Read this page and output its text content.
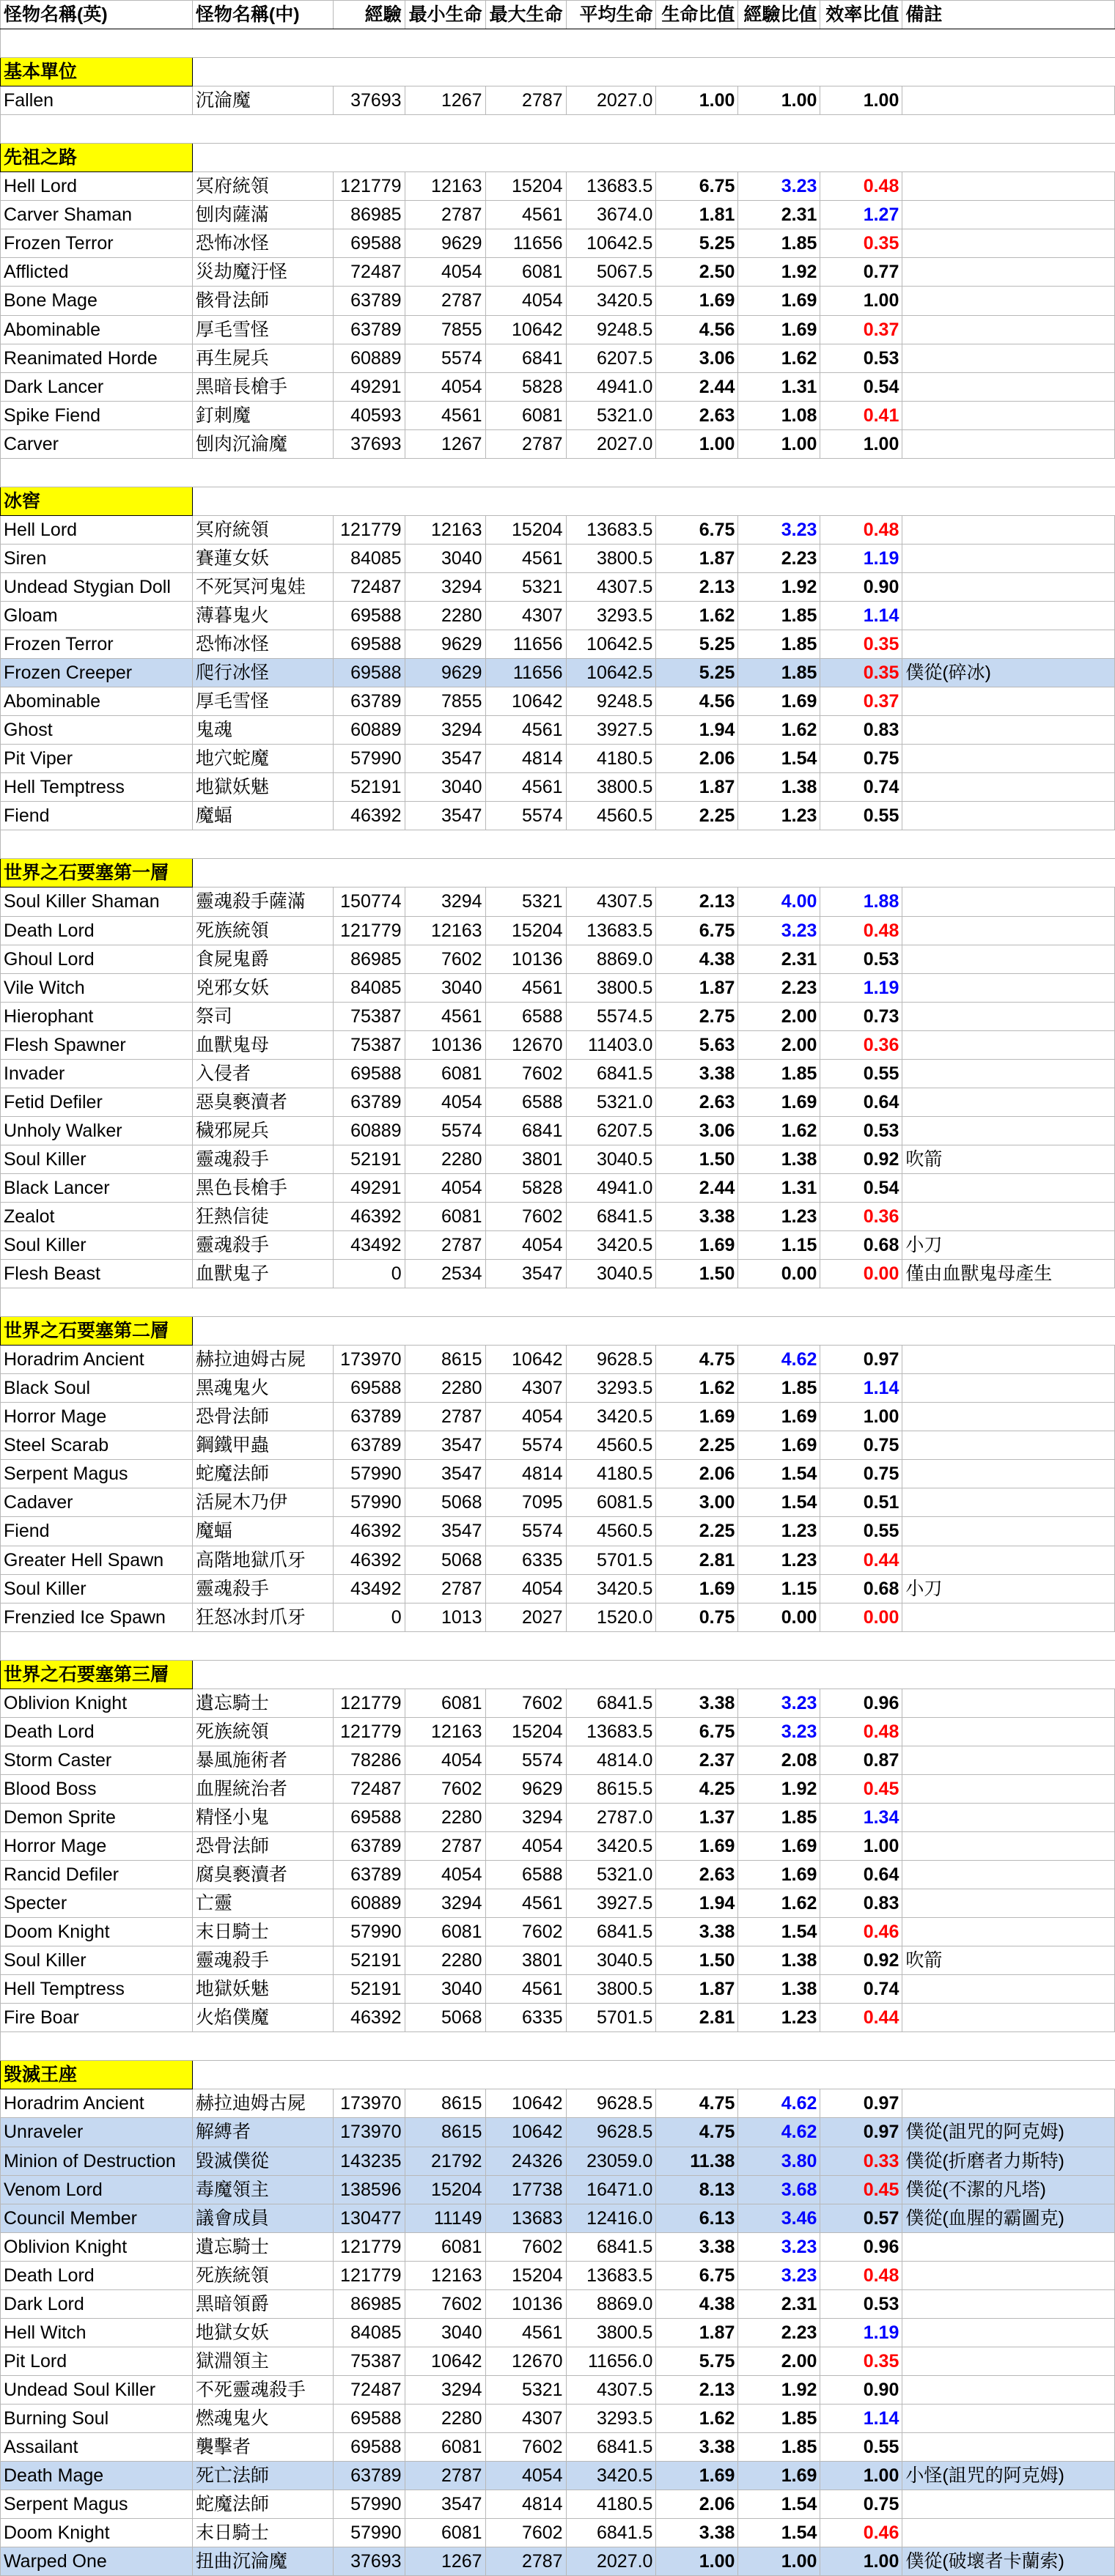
怪物名稱(英)	怪物名稱(中)	經驗	最小生命	最大生命	平均生命	生命比值	經驗比值	效率比值	備註

基本單位									
Fallen	沉淪魔	37693	1267	2787	2027.0	1.00	1.00	1.00	

先祖之路									
Hell Lord	冥府統領	121779	12163	15204	13683.5	6.75	3.23	0.48	
Carver Shaman	刨肉薩滿	86985	2787	4561	3674.0	1.81	2.31	1.27	
Frozen Terror	恐怖冰怪	69588	9629	11656	10642.5	5.25	1.85	0.35	
Afflicted	災劫魔汙怪	72487	4054	6081	5067.5	2.50	1.92	0.77	
Bone Mage	骸骨法師	63789	2787	4054	3420.5	1.69	1.69	1.00	
Abominable	厚毛雪怪	63789	7855	10642	9248.5	4.56	1.69	0.37	
Reanimated Horde	再生屍兵	60889	5574	6841	6207.5	3.06	1.62	0.53	
Dark Lancer	黑暗長槍手	49291	4054	5828	4941.0	2.44	1.31	0.54	
Spike Fiend	釘刺魔	40593	4561	6081	5321.0	2.63	1.08	0.41	
Carver	刨肉沉淪魔	37693	1267	2787	2027.0	1.00	1.00	1.00	

冰窖									
Hell Lord	冥府統領	121779	12163	15204	13683.5	6.75	3.23	0.48	
Siren	賽蓮女妖	84085	3040	4561	3800.5	1.87	2.23	1.19	
Undead Stygian Doll	不死冥河鬼娃	72487	3294	5321	4307.5	2.13	1.92	0.90	
Gloam	薄暮鬼火	69588	2280	4307	3293.5	1.62	1.85	1.14	
Frozen Terror	恐怖冰怪	69588	9629	11656	10642.5	5.25	1.85	0.35	
Frozen Creeper	爬行冰怪	69588	9629	11656	10642.5	5.25	1.85	0.35	僕從(碎冰)
Abominable	厚毛雪怪	63789	7855	10642	9248.5	4.56	1.69	0.37	
Ghost	鬼魂	60889	3294	4561	3927.5	1.94	1.62	0.83	
Pit Viper	地穴蛇魔	57990	3547	4814	4180.5	2.06	1.54	0.75	
Hell Temptress	地獄妖魅	52191	3040	4561	3800.5	1.87	1.38	0.74	
Fiend	魔蝠	46392	3547	5574	4560.5	2.25	1.23	0.55	

世界之石要塞第一層									
Soul Killer Shaman	靈魂殺手薩滿	150774	3294	5321	4307.5	2.13	4.00	1.88	
Death Lord	死族統領	121779	12163	15204	13683.5	6.75	3.23	0.48	
Ghoul Lord	食屍鬼爵	86985	7602	10136	8869.0	4.38	2.31	0.53	
Vile Witch	兇邪女妖	84085	3040	4561	3800.5	1.87	2.23	1.19	
Hierophant	祭司	75387	4561	6588	5574.5	2.75	2.00	0.73	
Flesh Spawner	血獸鬼母	75387	10136	12670	11403.0	5.63	2.00	0.36	
Invader	入侵者	69588	6081	7602	6841.5	3.38	1.85	0.55	
Fetid Defiler	惡臭褻瀆者	63789	4054	6588	5321.0	2.63	1.69	0.64	
Unholy Walker	穢邪屍兵	60889	5574	6841	6207.5	3.06	1.62	0.53	
Soul Killer	靈魂殺手	52191	2280	3801	3040.5	1.50	1.38	0.92	吹箭
Black Lancer	黑色長槍手	49291	4054	5828	4941.0	2.44	1.31	0.54	
Zealot	狂熱信徒	46392	6081	7602	6841.5	3.38	1.23	0.36	
Soul Killer	靈魂殺手	43492	2787	4054	3420.5	1.69	1.15	0.68	小刀
Flesh Beast	血獸鬼子	0	2534	3547	3040.5	1.50	0.00	0.00	僅由血獸鬼母產生

世界之石要塞第二層									
Horadrim Ancient	赫拉迪姆古屍	173970	8615	10642	9628.5	4.75	4.62	0.97	
Black Soul	黑魂鬼火	69588	2280	4307	3293.5	1.62	1.85	1.14	
Horror Mage	恐骨法師	63789	2787	4054	3420.5	1.69	1.69	1.00	
Steel Scarab	鋼鐵甲蟲	63789	3547	5574	4560.5	2.25	1.69	0.75	
Serpent Magus	蛇魔法師	57990	3547	4814	4180.5	2.06	1.54	0.75	
Cadaver	活屍木乃伊	57990	5068	7095	6081.5	3.00	1.54	0.51	
Fiend	魔蝠	46392	3547	5574	4560.5	2.25	1.23	0.55	
Greater Hell Spawn	高階地獄爪牙	46392	5068	6335	5701.5	2.81	1.23	0.44	
Soul Killer	靈魂殺手	43492	2787	4054	3420.5	1.69	1.15	0.68	小刀
Frenzied Ice Spawn	狂怒冰封爪牙	0	1013	2027	1520.0	0.75	0.00	0.00	

世界之石要塞第三層									
Oblivion Knight	遺忘騎士	121779	6081	7602	6841.5	3.38	3.23	0.96	
Death Lord	死族統領	121779	12163	15204	13683.5	6.75	3.23	0.48	
Storm Caster	暴風施術者	78286	4054	5574	4814.0	2.37	2.08	0.87	
Blood Boss	血腥統治者	72487	7602	9629	8615.5	4.25	1.92	0.45	
Demon Sprite	精怪小鬼	69588	2280	3294	2787.0	1.37	1.85	1.34	
Horror Mage	恐骨法師	63789	2787	4054	3420.5	1.69	1.69	1.00	
Rancid Defiler	腐臭褻瀆者	63789	4054	6588	5321.0	2.63	1.69	0.64	
Specter	亡靈	60889	3294	4561	3927.5	1.94	1.62	0.83	
Doom Knight	末日騎士	57990	6081	7602	6841.5	3.38	1.54	0.46	
Soul Killer	靈魂殺手	52191	2280	3801	3040.5	1.50	1.38	0.92	吹箭
Hell Temptress	地獄妖魅	52191	3040	4561	3800.5	1.87	1.38	0.74	
Fire Boar	火焰僕魔	46392	5068	6335	5701.5	2.81	1.23	0.44	

毀滅王座									
Horadrim Ancient	赫拉迪姆古屍	173970	8615	10642	9628.5	4.75	4.62	0.97	
Unraveler	解縛者	173970	8615	10642	9628.5	4.75	4.62	0.97	僕從(詛咒的阿克姆)
Minion of Destruction	毀滅僕從	143235	21792	24326	23059.0	11.38	3.80	0.33	僕從(折磨者力斯特)
Venom Lord	毒魔領主	138596	15204	17738	16471.0	8.13	3.68	0.45	僕從(不潔的凡塔)
Council Member	議會成員	130477	11149	13683	12416.0	6.13	3.46	0.57	僕從(血腥的霸圖克)
Oblivion Knight	遺忘騎士	121779	6081	7602	6841.5	3.38	3.23	0.96	
Death Lord	死族統領	121779	12163	15204	13683.5	6.75	3.23	0.48	
Dark Lord	黑暗領爵	86985	7602	10136	8869.0	4.38	2.31	0.53	
Hell Witch	地獄女妖	84085	3040	4561	3800.5	1.87	2.23	1.19	
Pit Lord	獄淵領主	75387	10642	12670	11656.0	5.75	2.00	0.35	
Undead Soul Killer	不死靈魂殺手	72487	3294	5321	4307.5	2.13	1.92	0.90	
Burning Soul	燃魂鬼火	69588	2280	4307	3293.5	1.62	1.85	1.14	
Assailant	襲擊者	69588	6081	7602	6841.5	3.38	1.85	0.55	
Death Mage	死亡法師	63789	2787	4054	3420.5	1.69	1.69	1.00	小怪(詛咒的阿克姆)
Serpent Magus	蛇魔法師	57990	3547	4814	4180.5	2.06	1.54	0.75	
Doom Knight	末日騎士	57990	6081	7602	6841.5	3.38	1.54	0.46	
Warped One	扭曲沉淪魔	37693	1267	2787	2027.0	1.00	1.00	1.00	僕從(破壞者卡蘭索)
